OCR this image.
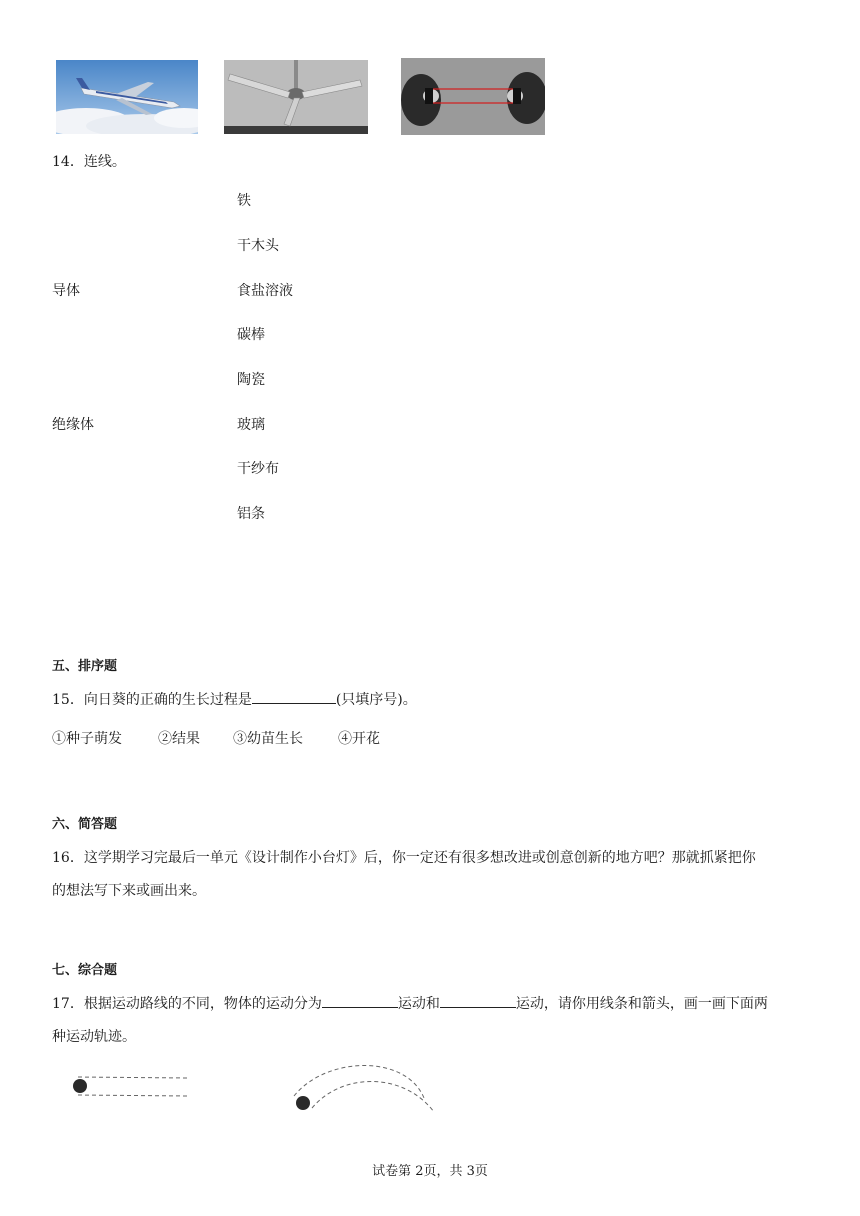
14．连线。
导体
绝缘体
铁
干木头
食盐溶液
碳棒
陶瓷
玻璃
干纱布
铝条
五、排序题
15．向日葵的正确的生长过程是	(只填序号)。
①种子萌发	②结果 ③幼苗生长	④开花
六、简答题
16．这学期学习完最后一单元《设计制作小台灯》后，你一定还有很多想改进或创意创新的地方吧？那就抓紧把你
的想法写下来或画出来。
七、综合题
17．根据运动路线的不同，物体的运动分为	运动和	运动，请你用线条和箭头，画一画下面两
种运动轨迹。
试卷第 2页，共 3页
